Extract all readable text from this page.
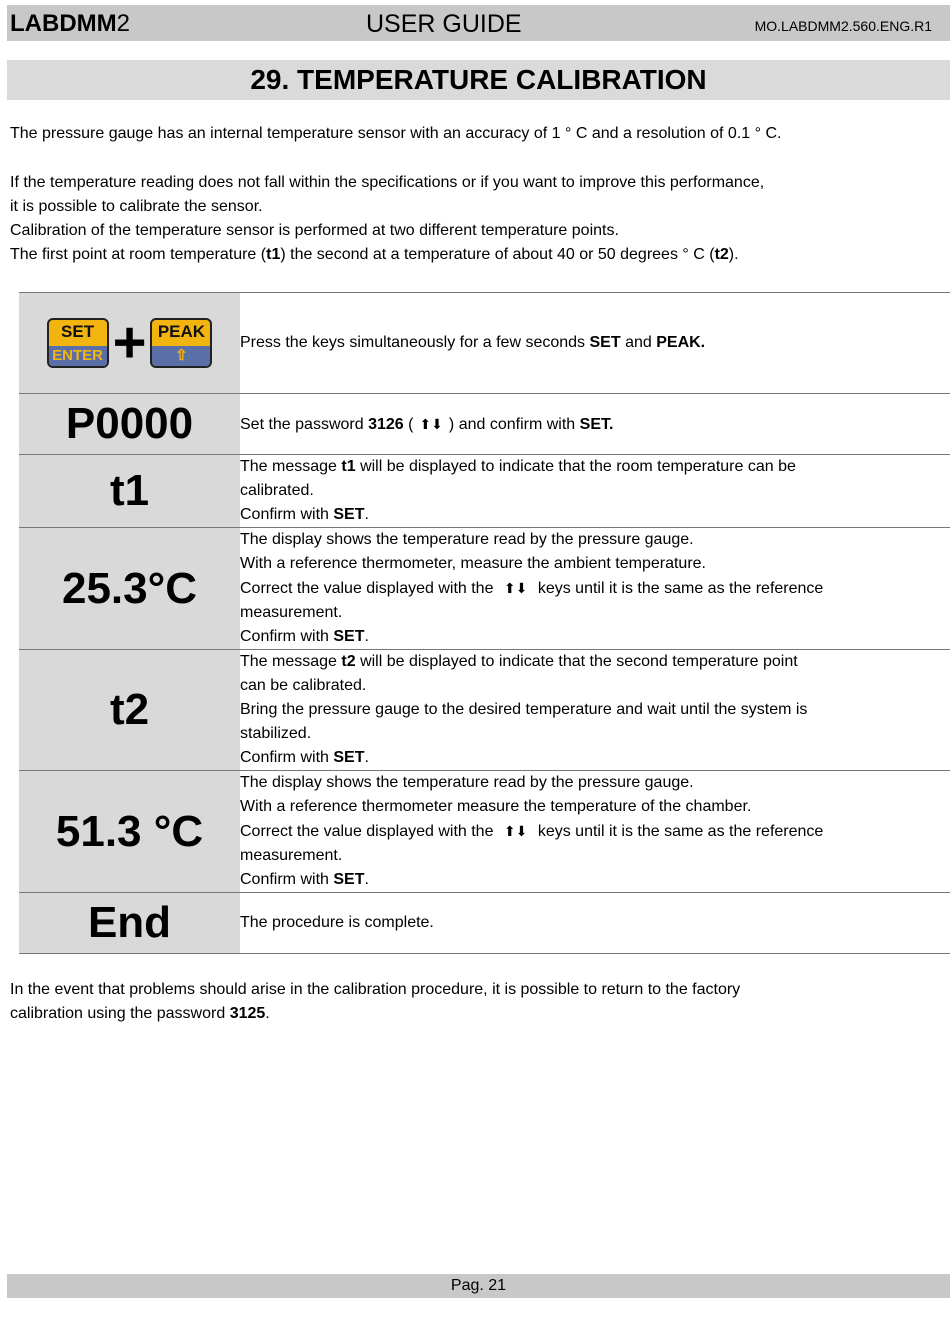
LABDMM2	USER GUIDE	MO.LABDMM2.560.ENG.R1
29. TEMPERATURE CALIBRATION
The pressure gauge has an internal temperature sensor with an accuracy of 1 ° C and a resolution of 0.1 ° C.
If the temperature reading does not fall within the specifications or if you want to improve this performance,
it is possible to calibrate the sensor.
Calibration of the temperature sensor is performed at two different temperature points.
The first point at room temperature (t1) the second at a temperature of about 40 or 50 degrees ° C (t2).
SET
ENTER + PEAK
⇧	Press the keys simultaneously for a few seconds SET and PEAK.
P0000	Set the password 3126 ( ⬆⬇ ) and confirm with SET.
t1	The message t1 will be displayed to indicate that the room temperature can be
calibrated.
Confirm with SET.

25.3°C	The display shows the temperature read by the pressure gauge.
With a reference thermometer, measure the ambient temperature.
Correct the value displayed with the ⬆⬇ keys until it is the same as the reference
measurement.
Confirm with SET.

t2	The message t2 will be displayed to indicate that the second temperature point
can be calibrated.
Bring the pressure gauge to the desired temperature and wait until the system is
stabilized.
Confirm with SET.

51.3 °C	The display shows the temperature read by the pressure gauge.
With a reference thermometer measure the temperature of the chamber.
Correct the value displayed with the ⬆⬇ keys until it is the same as the reference
measurement.
Confirm with SET.

End	The procedure is complete.
In the event that problems should arise in the calibration procedure, it is possible to return to the factory
calibration using the password 3125.
Pag. 21
